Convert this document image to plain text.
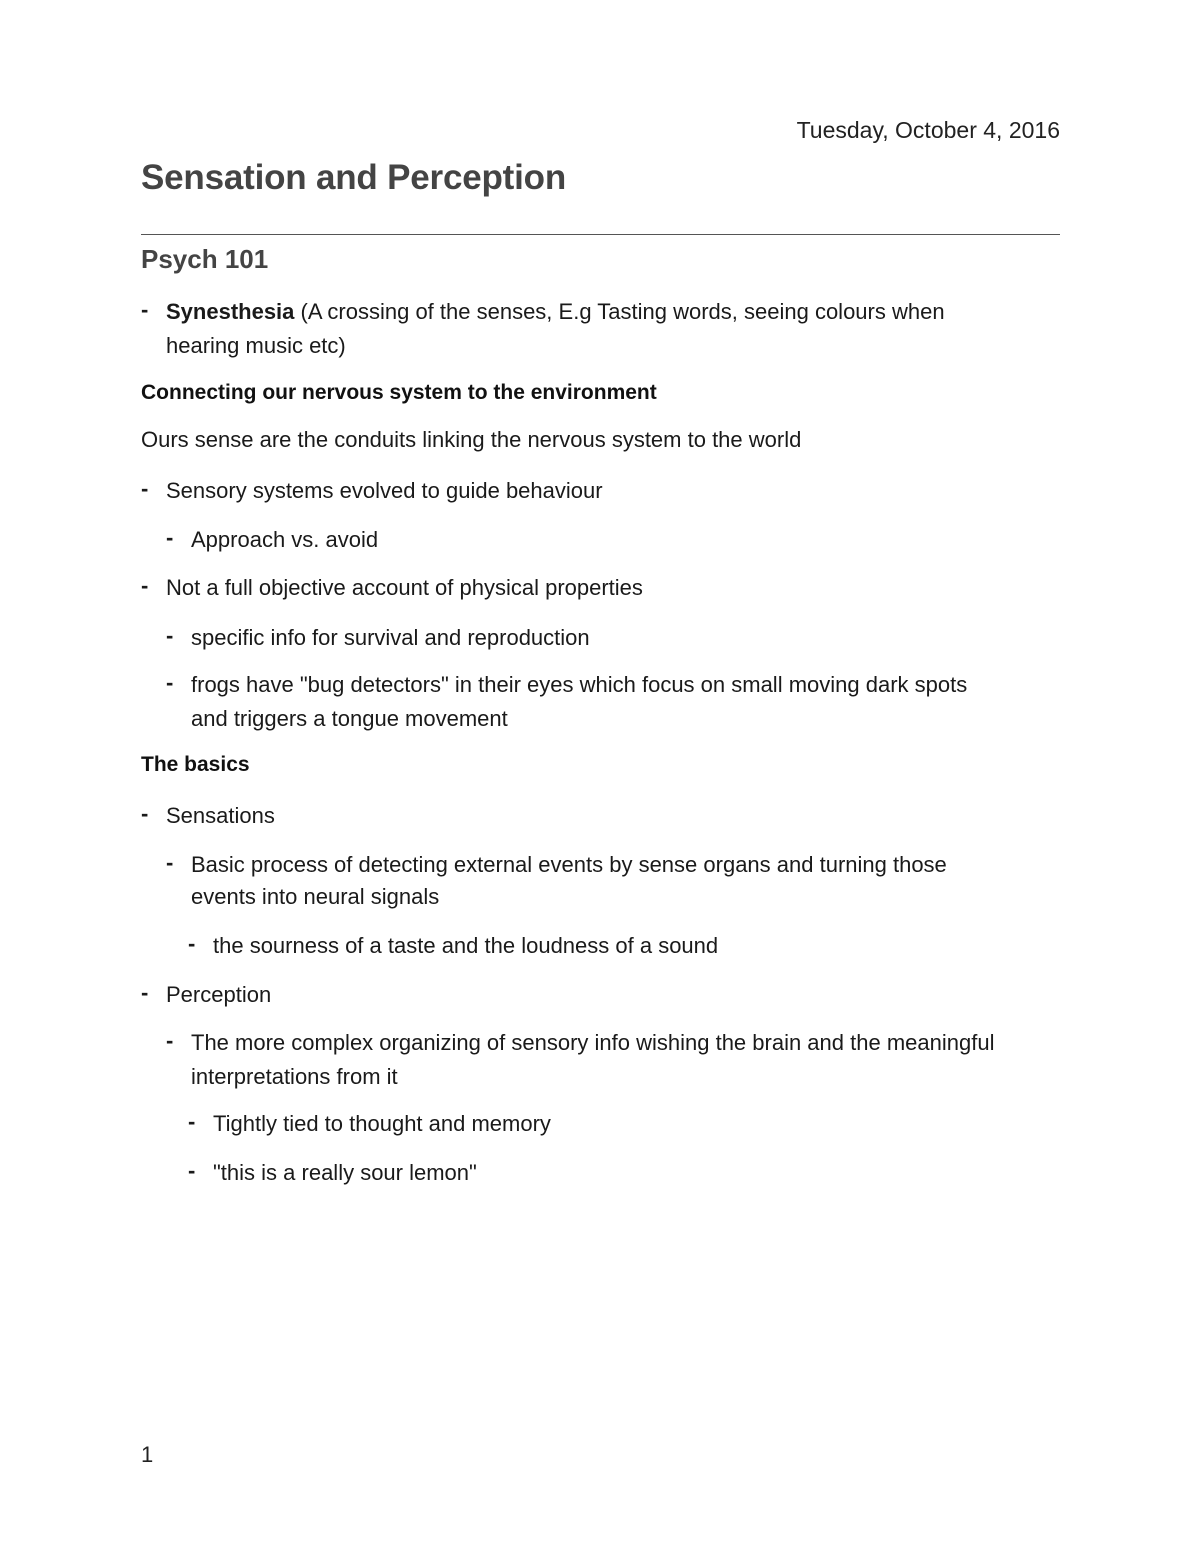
Tuesday, October 4, 2016
Sensation and Perception
Psych 101
- Synesthesia (A crossing of the senses, E.g Tasting words, seeing colours when
hearing music etc)
Connecting our nervous system to the environment
Ours sense are the conduits linking the nervous system to the world
- Sensory systems evolved to guide behaviour
- Approach vs. avoid
- Not a full objective account of physical properties
- specific info for survival and reproduction
- frogs have "bug detectors" in their eyes which focus on small moving dark spots
and triggers a tongue movement
The basics
- Sensations
- Basic process of detecting external events by sense organs and turning those
events into neural signals
- the sourness of a taste and the loudness of a sound
- Perception
- The more complex organizing of sensory info wishing the brain and the meaningful
interpretations from it
- Tightly tied to thought and memory
- "this is a really sour lemon"
1
